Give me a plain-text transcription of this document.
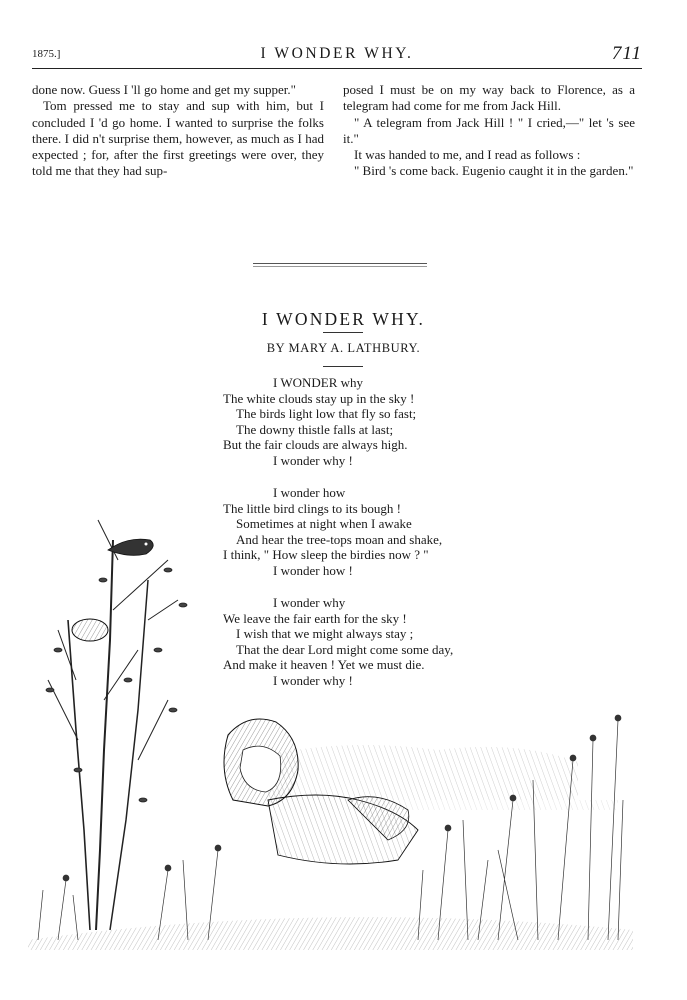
1875.]	I WONDER WHY.	711

done now. Guess I 'll go home and get my supper."

Tom pressed me to stay and sup with him, but I concluded I 'd go home. I wanted to surprise the folks there. I did n't surprise them, however, as much as I had expected ; for, after the first greetings were over, they told me that they had sup-

posed I must be on my way back to Florence, as a telegram had come for me from Jack Hill.

" A telegram from Jack Hill ! " I cried,—" let 's see it."

It was handed to me, and I read as follows :

" Bird 's come back. Eugenio caught it in the garden."

I WONDER WHY.
BY MARY A. LATHBURY.
I WONDER why
The white clouds stay up in the sky !
The birds light low that fly so fast;
The downy thistle falls at last;
But the fair clouds are always high.
I wonder why !
I wonder how
The little bird clings to its bough !
Sometimes at night when I awake
And hear the tree-tops moan and shake,
I think, " How sleep the birdies now ? "
I wonder how !
I wonder why
We leave the fair earth for the sky !
I wish that we might always stay ;
That the dear Lord might come some day,
And make it heaven ! Yet we must die.
I wonder why !
